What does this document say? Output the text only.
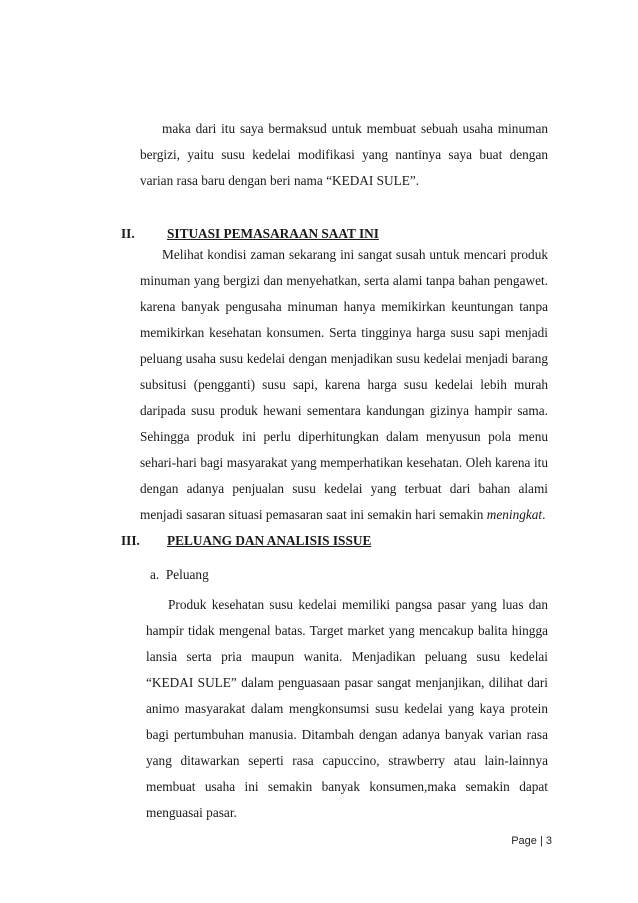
maka dari itu saya bermaksud untuk membuat sebuah usaha minuman bergizi, yaitu susu kedelai modifikasi yang nantinya saya buat dengan varian rasa baru dengan beri nama “KEDAI SULE”.

II. SITUASI PEMASARAAN SAAT INI

Melihat kondisi zaman sekarang ini sangat susah untuk mencari produk minuman yang bergizi dan menyehatkan, serta alami tanpa bahan pengawet. karena banyak pengusaha minuman hanya memikirkan keuntungan tanpa memikirkan kesehatan konsumen. Serta tingginya harga susu sapi menjadi peluang usaha susu kedelai dengan menjadikan susu kedelai menjadi barang subsitusi (pengganti) susu sapi, karena harga susu kedelai lebih murah daripada susu produk hewani sementara kandungan gizinya hampir sama. Sehingga produk ini perlu diperhitungkan dalam menyusun pola menu sehari-hari bagi masyarakat yang memperhatikan kesehatan. Oleh karena itu dengan adanya penjualan susu kedelai yang terbuat dari bahan alami menjadi sasaran situasi pemasaran saat ini semakin hari semakin meningkat.

III. PELUANG DAN ANALISIS ISSUE

a.  Peluang

Produk kesehatan susu kedelai memiliki pangsa pasar yang luas dan hampir tidak mengenal batas. Target market yang mencakup balita hingga lansia serta pria maupun wanita. Menjadikan peluang susu kedelai “KEDAI SULE” dalam penguasaan pasar sangat menjanjikan, dilihat dari animo masyarakat dalam mengkonsumsi susu kedelai yang kaya protein bagi pertumbuhan manusia. Ditambah dengan adanya banyak varian rasa yang ditawarkan seperti rasa capuccino, strawberry atau lain-lainnya membuat usaha ini semakin banyak konsumen,maka semakin dapat menguasai pasar.

Page | 3
